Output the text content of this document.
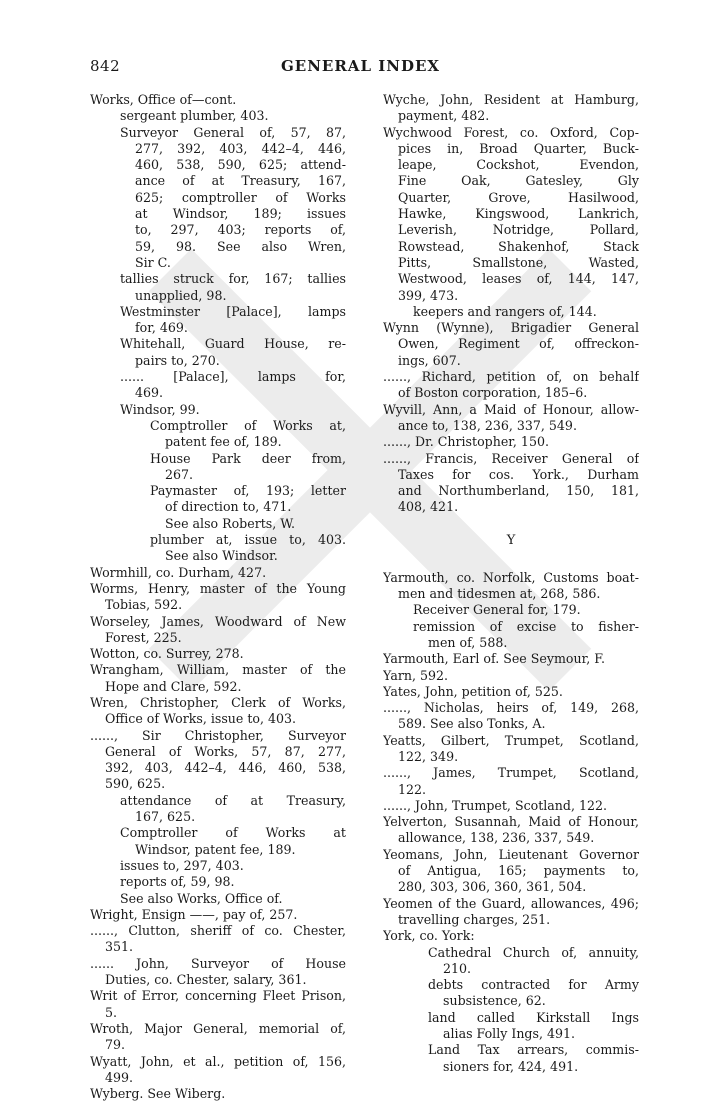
842	GENERAL INDEX
Works, Office of—cont.
sergeant plumber, 403.
Surveyor General of, 57, 87,
277, 392, 403, 442–4, 446,
460, 538, 590, 625; attend-
ance of at Treasury, 167,
625; comptroller of Works
at Windsor, 189; issues
to, 297, 403; reports of,
59, 98. See also Wren,
Sir C.
tallies struck for, 167; tallies
unapplied, 98.
Westminster [Palace], lamps
for, 469.
Whitehall, Guard House, re-
pairs to, 270.
...... [Palace], lamps for,
469.
Windsor, 99.
Comptroller of Works at,
patent fee of, 189.
House Park deer from,
267.
Paymaster of, 193; letter
of direction to, 471.
See also Roberts, W.
plumber at, issue to, 403.
See also Windsor.
Wormhill, co. Durham, 427.
Worms, Henry, master of the Young
Tobias, 592.
Worseley, James, Woodward of New
Forest, 225.
Wotton, co. Surrey, 278.
Wrangham, William, master of the
Hope and Clare, 592.
Wren, Christopher, Clerk of Works,
Office of Works, issue to, 403.
......, Sir Christopher, Surveyor
General of Works, 57, 87, 277,
392, 403, 442–4, 446, 460, 538,
590, 625.
attendance of at Treasury,
167, 625.
Comptroller of Works at
Windsor, patent fee, 189.
issues to, 297, 403.
reports of, 59, 98.
See also Works, Office of.
Wright, Ensign ——, pay of, 257.
......, Clutton, sheriff of co. Chester,
351.
...... John, Surveyor of House
Duties, co. Chester, salary, 361.
Writ of Error, concerning Fleet Prison,
5.
Wroth, Major General, memorial of,
79.
Wyatt, John, et al., petition of, 156,
499.
Wyberg. See Wiberg.
Wyche, John, Resident at Hamburg,
payment, 482.
Wychwood Forest, co. Oxford, Cop-
pices in, Broad Quarter, Buck-
leape, Cockshot, Evendon,
Fine Oak, Gatesley, Gly
Quarter, Grove, Hasilwood,
Hawke, Kingswood, Lankrich,
Leverish, Notridge, Pollard,
Rowstead, Shakenhof, Stack
Pitts, Smallstone, Wasted,
Westwood, leases of, 144, 147,
399, 473.
keepers and rangers of, 144.
Wynn (Wynne), Brigadier General
Owen, Regiment of, offreckon-
ings, 607.
......, Richard, petition of, on behalf
of Boston corporation, 185–6.
Wyvill, Ann, a Maid of Honour, allow-
ance to, 138, 236, 337, 549.
......, Dr. Christopher, 150.
......, Francis, Receiver General of
Taxes for cos. York., Durham
and Northumberland, 150, 181,
408, 421.
Y
Yarmouth, co. Norfolk, Customs boat-
men and tidesmen at, 268, 586.
Receiver General for, 179.
remission of excise to fisher-
men of, 588.
Yarmouth, Earl of. See Seymour, F.
Yarn, 592.
Yates, John, petition of, 525.
......, Nicholas, heirs of, 149, 268,
589. See also Tonks, A.
Yeatts, Gilbert, Trumpet, Scotland,
122, 349.
......, James, Trumpet, Scotland,
122.
......, John, Trumpet, Scotland, 122.
Yelverton, Susannah, Maid of Honour,
allowance, 138, 236, 337, 549.
Yeomans, John, Lieutenant Governor
of Antigua, 165; payments to,
280, 303, 306, 360, 361, 504.
Yeomen of the Guard, allowances, 496;
travelling charges, 251.
York, co. York:
Cathedral Church of, annuity,
210.
debts contracted for Army
subsistence, 62.
land called Kirkstall Ings
alias Folly Ings, 491.
Land Tax arrears, commis-
sioners for, 424, 491.
